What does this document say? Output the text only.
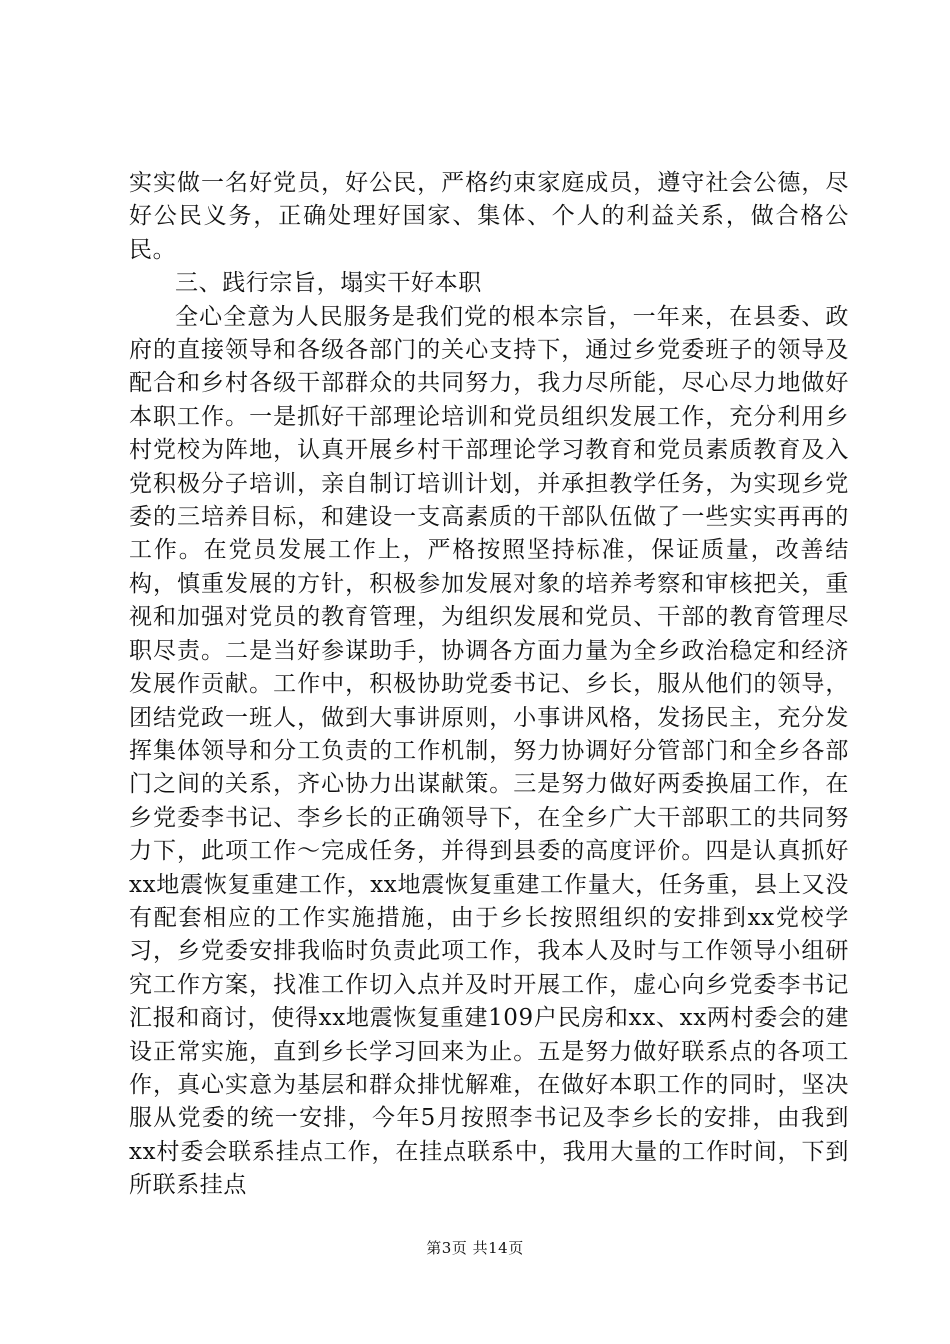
实实做一名好党员，好公民，严格约束家庭成员，遵守社会公德，尽好公民义务，正确处理好国家、集体、个人的利益关系，做合格公民。

三、践行宗旨，塌实干好本职

全心全意为人民服务是我们党的根本宗旨，一年来，在县委、政府的直接领导和各级各部门的关心支持下，通过乡党委班子的领导及配合和乡村各级干部群众的共同努力，我力尽所能，尽心尽力地做好本职工作。一是抓好干部理论培训和党员组织发展工作，充分利用乡村党校为阵地，认真开展乡村干部理论学习教育和党员素质教育及入党积极分子培训，亲自制订培训计划，并承担教学任务，为实现乡党委的三培养目标，和建设一支高素质的干部队伍做了一些实实再再的工作。在党员发展工作上，严格按照坚持标准，保证质量，改善结构，慎重发展的方针，积极参加发展对象的培养考察和审核把关，重视和加强对党员的教育管理，为组织发展和党员、干部的教育管理尽职尽责。二是当好参谋助手，协调各方面力量为全乡政治稳定和经济发展作贡献。工作中，积极协助党委书记、乡长，服从他们的领导，团结党政一班人，做到大事讲原则，小事讲风格，发扬民主，充分发挥集体领导和分工负责的工作机制，努力协调好分管部门和全乡各部门之间的关系，齐心协力出谋献策。三是努力做好两委换届工作，在乡党委李书记、李乡长的正确领导下，在全乡广大干部职工的共同努力下，此项工作～完成任务，并得到县委的高度评价。四是认真抓好xx地震恢复重建工作，xx地震恢复重建工作量大，任务重，县上又没有配套相应的工作实施措施，由于乡长按照组织的安排到xx党校学习，乡党委安排我临时负责此项工作，我本人及时与工作领导小组研究工作方案，找准工作切入点并及时开展工作，虚心向乡党委李书记汇报和商讨，使得xx地震恢复重建109户民房和xx、xx两村委会的建设正常实施，直到乡长学习回来为止。五是努力做好联系点的各项工作，真心实意为基层和群众排忧解难，在做好本职工作的同时，坚决服从党委的统一安排，今年5月按照李书记及李乡长的安排，由我到xx村委会联系挂点工作，在挂点联系中，我用大量的工作时间，下到所联系挂点

第3页 共14页
